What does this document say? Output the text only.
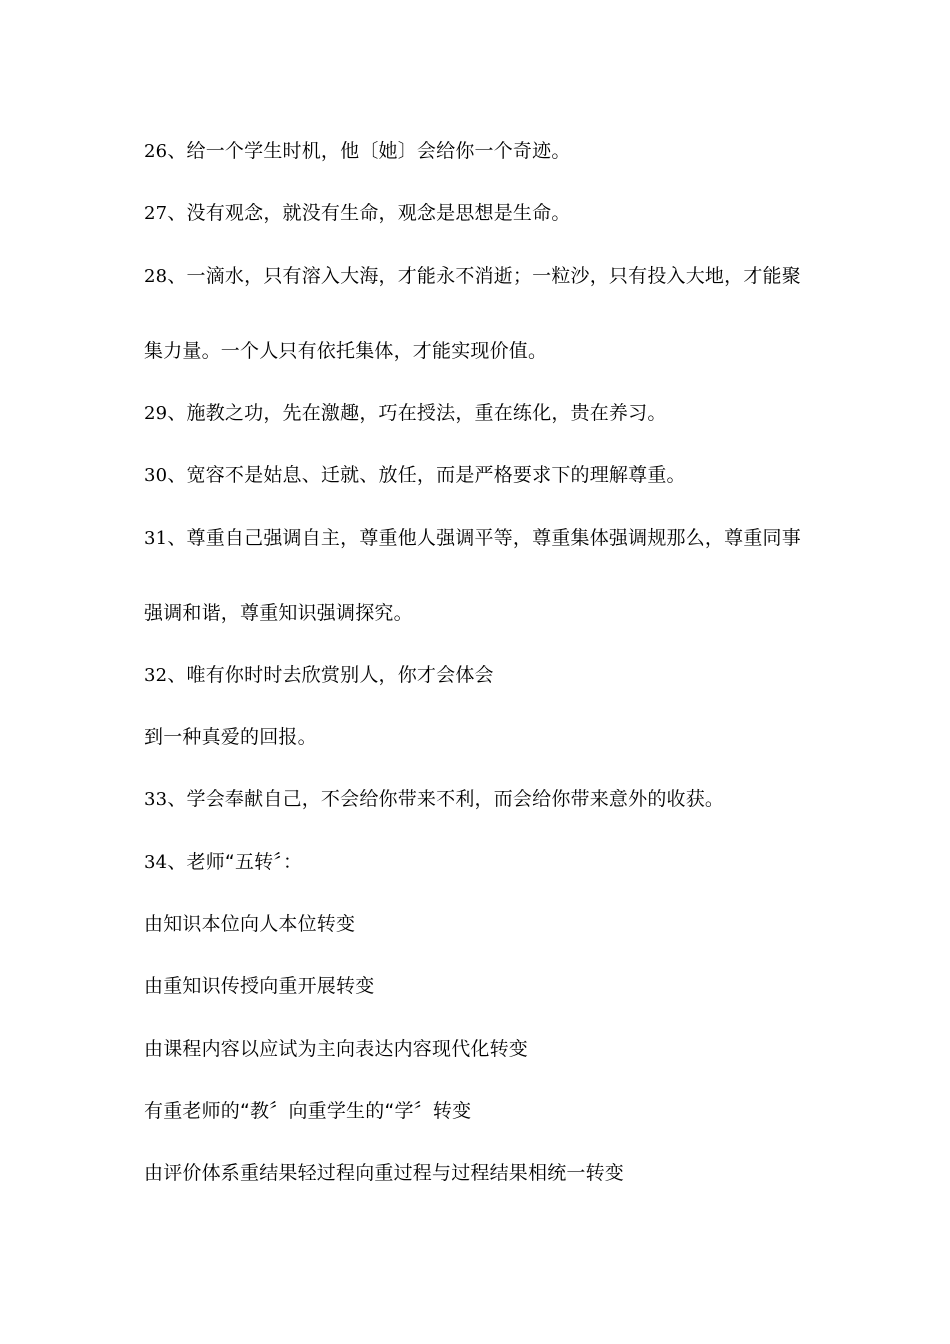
26、给一个学生时机，他〔她〕会给你一个奇迹。
27、没有观念，就没有生命，观念是思想是生命。
28、一滴水，只有溶入大海，才能永不消逝；一粒沙，只有投入大地，才能聚
集力量。一个人只有依托集体，才能实现价值。
29、施教之功，先在激趣，巧在授法，重在练化，贵在养习。
30、宽容不是姑息、迁就、放任，而是严格要求下的理解尊重。
31、尊重自己强调自主，尊重他人强调平等，尊重集体强调规那么，尊重同事
强调和谐，尊重知识强调探究。
32、唯有你时时去欣赏别人，你才会体会
到一种真爱的回报。
33、学会奉献自己，不会给你带来不利，而会给你带来意外的收获。
34、老师“五转〞：
由知识本位向人本位转变
由重知识传授向重开展转变
由课程内容以应试为主向表达内容现代化转变
有重老师的“教〞向重学生的“学〞转变
由评价体系重结果轻过程向重过程与过程结果相统一转变
